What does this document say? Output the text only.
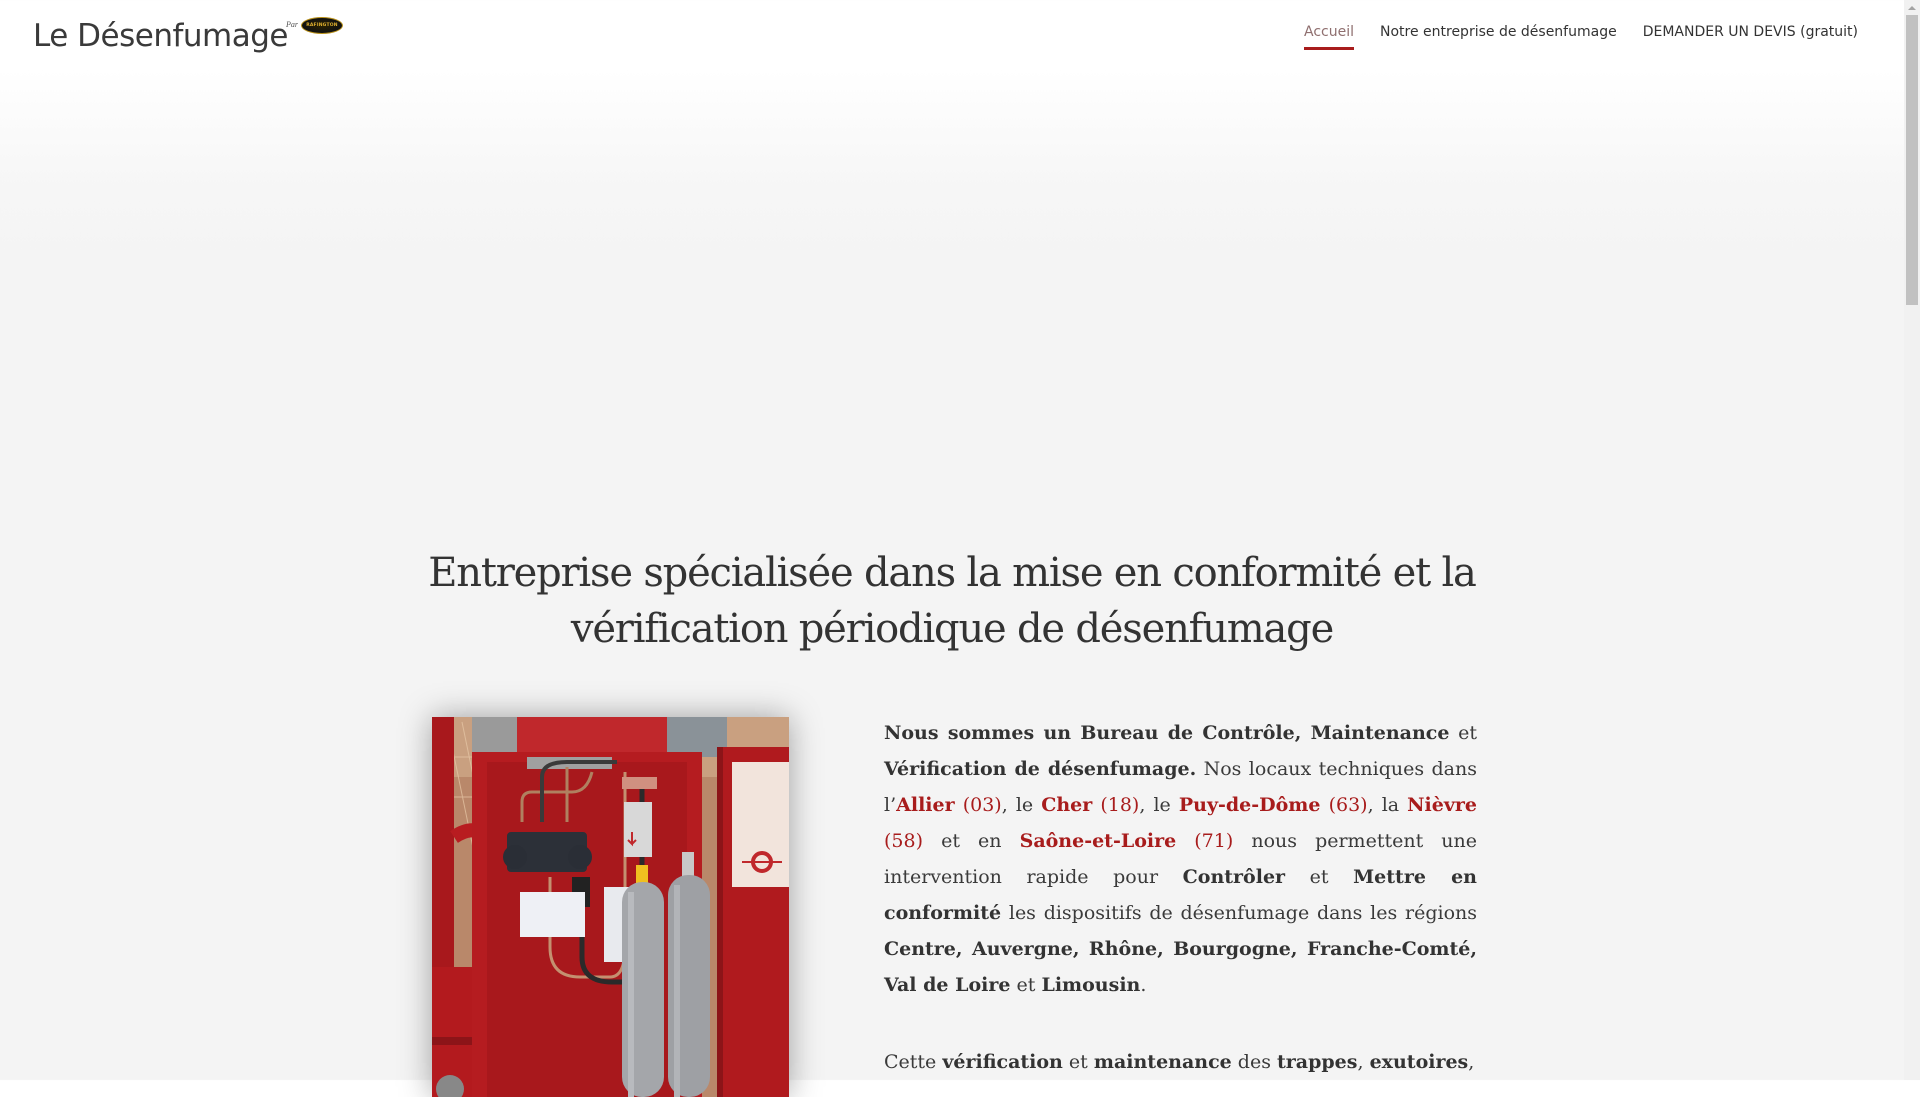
Le Désenfumage
Par	RAFINGTON	Accueil Notre entreprise de désenfumage DEMANDER UN DEVIS (gratuit)
Entreprise spécialisée dans la mise en conformité et la vérification périodique de désenfumage

Nous sommes un Bureau de Contrôle, Maintenance et Vérification de désenfumage. Nos locaux techniques dans l’Allier (03), le Cher (18), le Puy-de-Dôme (63), la Nièvre (58) et en Saône-et-Loire (71) nous permettent une intervention rapide pour Contrôler et Mettre en conformité les dispositifs de désenfumage dans les régions Centre, Auvergne, Rhône, Bourgogne, Franche-Comté, Val de Loire et Limousin.

Cette vérification et maintenance des trappes, exutoires,
